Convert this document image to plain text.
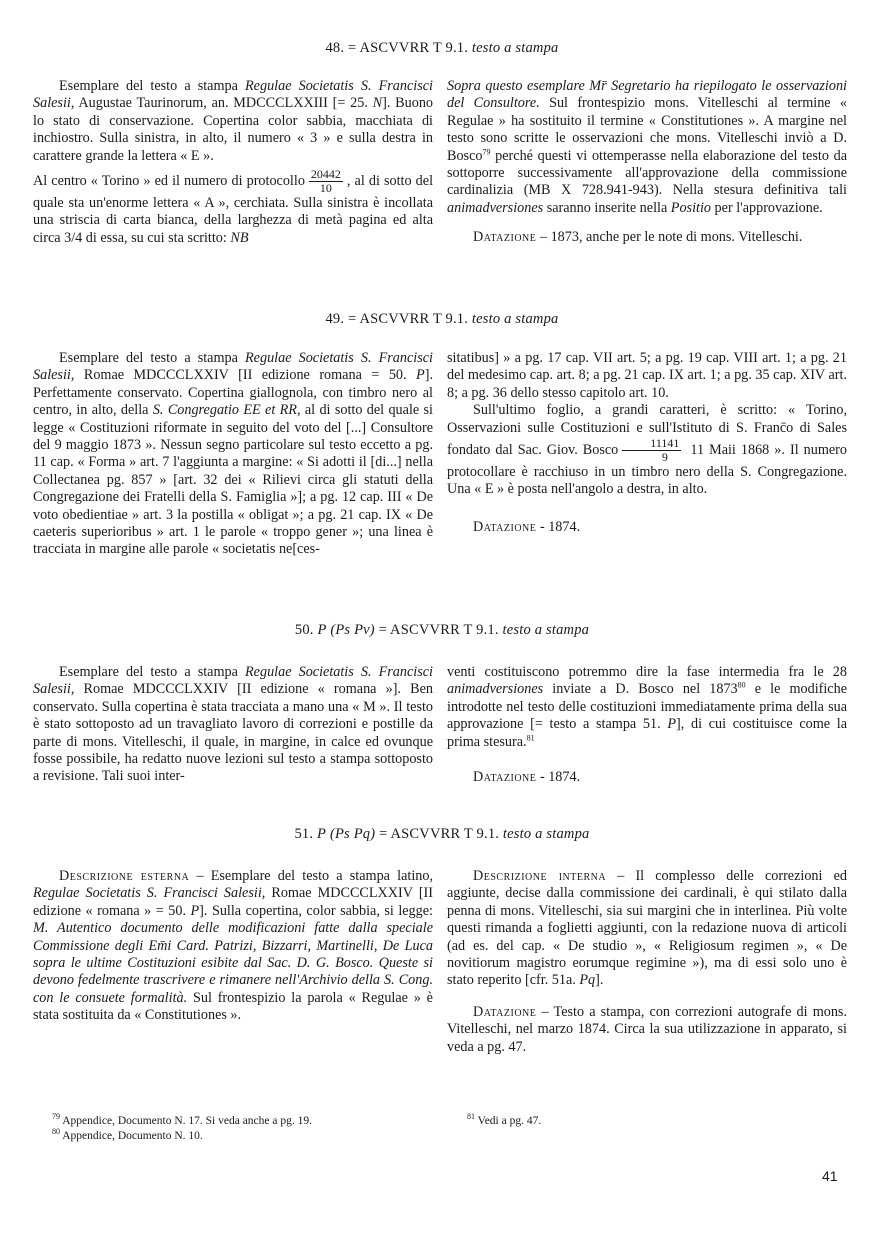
48. = ASCVVRR T 9.1. testo a stampa

Esemplare del testo a stampa Regulae Societatis S. Francisci Salesii, Augustae Taurinorum, an. MDCCCLXXIII [= 25. N]. Buono lo stato di conservazione. Copertina color sabbia, macchiata di inchiostro. Sulla sinistra, in alto, il numero « 3 » e sulla destra in carattere grande la lettera « E ».

Al centro « Torino » ed il numero di protocollo $\frac{20442}{10}$ , al di sotto del quale sta un'enorme lettera « A », cerchiata. Sulla sinistra è incollata una striscia di carta bianca, della larghezza di metà pagina ed alta circa 3/4 di essa, su cui sta scritto: NB

Sopra questo esemplare Mr̄ Segretario ha riepilogato le osservazioni del Consultore. Sul frontespizio mons. Vitelleschi al termine « Regulae » ha sostituito il termine « Constitutiones ». A margine nel testo sono scritte le osservazioni che mons. Vitelleschi inviò a D. Bosco$^{79}$ perché questi vi ottemperasse nella elaborazione del testo da sottoporre successivamente all'approvazione della commissione cardinalizia (MB X 728.941-943). Nella stesura definitiva tali animadversiones saranno inserite nella Positio per l'approvazione.

Datazione – 1873, anche per le note di mons. Vitelleschi.

49. = ASCVVRR T 9.1. testo a stampa

Esemplare del testo a stampa Regulae Societatis S. Francisci Salesii, Romae MDCCCLXXIV [II edizione romana = 50. P]. Perfettamente conservato. Copertina giallognola, con timbro nero al centro, in alto, della S. Congregatio EE et RR, al di sotto del quale si legge « Costituzioni riformate in seguito del voto del [...] Consultore del 9 maggio 1873 ». Nessun segno particolare sul testo eccetto a pg. 11 cap. « Forma » art. 7 l'aggiunta a margine: « Si adotti il [di...] nella Collectanea pg. 857 » [art. 32 dei « Rilievi circa gli statuti della Congregazione dei Fratelli della S. Famiglia »]; a pg. 12 cap. III « De voto obedientiae » art. 3 la postilla « obligat »; a pg. 21 cap. IX « De caeteris superioribus » art. 1 le parole « troppo gener »; una linea è tracciata in margine alle parole « societatis ne[ces-

sitatibus] » a pg. 17 cap. VII art. 5; a pg. 19 cap. VIII art. 1; a pg. 21 del medesimo cap. art. 8; a pg. 21 cap. IX art. 1; a pg. 35 cap. XIV art. 8; a pg. 36 dello stesso capitolo art. 10.

Sull'ultimo foglio, a grandi caratteri, è scritto: « Torino, Osservazioni sulle Costituzioni e sull'Istituto di S. Franc̄o di Sales fondato dal Sac. Giov. Bosco $\frac{11141}{9} 11$ Maii 1868 ». Il numero protocollare è racchiuso in un timbro nero della S. Congregazione. Una « E » è posta nell'angolo a destra, in alto.

Datazione - 1874.

50. P (Ps Pv) = ASCVVRR T 9.1. testo a stampa

Esemplare del testo a stampa Regulae Societatis S. Francisci Salesii, Romae MDCCCLXXIV [II edizione « romana »]. Ben conservato. Sulla copertina è stata tracciata a mano una « M ». Il testo è stato sottoposto ad un travagliato lavoro di correzioni e postille da parte di mons. Vitelleschi, il quale, in margine, in calce ed ovunque fosse possibile, ha redatto nuove lezioni sul testo a stampa sottoposto a revisione. Tali suoi inter-

venti costituiscono potremmo dire la fase intermedia fra le 28 animadversiones inviate a D. Bosco nel 1873$^{80}$ e le modifiche introdotte nel testo delle costituzioni immediatamente prima della sua approvazione [= testo a stampa 51. P], di cui costituisce come la prima stesura.$^{81}$

Datazione - 1874.

51. P (Ps Pq) = ASCVVRR T 9.1. testo a stampa

Descrizione esterna – Esemplare del testo a stampa latino, Regulae Societatis S. Francisci Salesii, Romae MDCCCLXXIV [II edizione « romana » = 50. P]. Sulla copertina, color sabbia, si legge: M. Autentico documento delle modificazioni fatte dalla speciale Commissione degli Em̄i Card. Patrizi, Bizzarri, Martinelli, De Luca sopra le ultime Costituzioni esibite dal Sac. D. G. Bosco. Queste si devono fedelmente trascrivere e rimanere nell'Archivio della S. Cong. con le consuete formalità. Sul frontespizio la parola « Regulae » è stata sostituita da « Constitutiones ».

Descrizione interna – Il complesso delle correzioni ed aggiunte, decise dalla commissione dei cardinali, è qui stilato dalla penna di mons. Vitelleschi, sia sui margini che in interlinea. Più volte questi rimanda a foglietti aggiunti, con la redazione nuova di articoli (ad es. del cap. « De studio », « Religiosum regimen », « De novitiorum magistro eorumque regimine »), ma di essi solo uno è stato reperito [cfr. 51a. Pq].

Datazione – Testo a stampa, con correzioni autografe di mons. Vitelleschi, nel marzo 1874. Circa la sua utilizzazione in apparato, si veda a pg. 47.

$^{79}$ Appendice, Documento N. 17. Si veda anche a pg. 19.
$^{80}$ Appendice, Documento N. 10.
$^{81}$ Vedi a pg. 47.
41
